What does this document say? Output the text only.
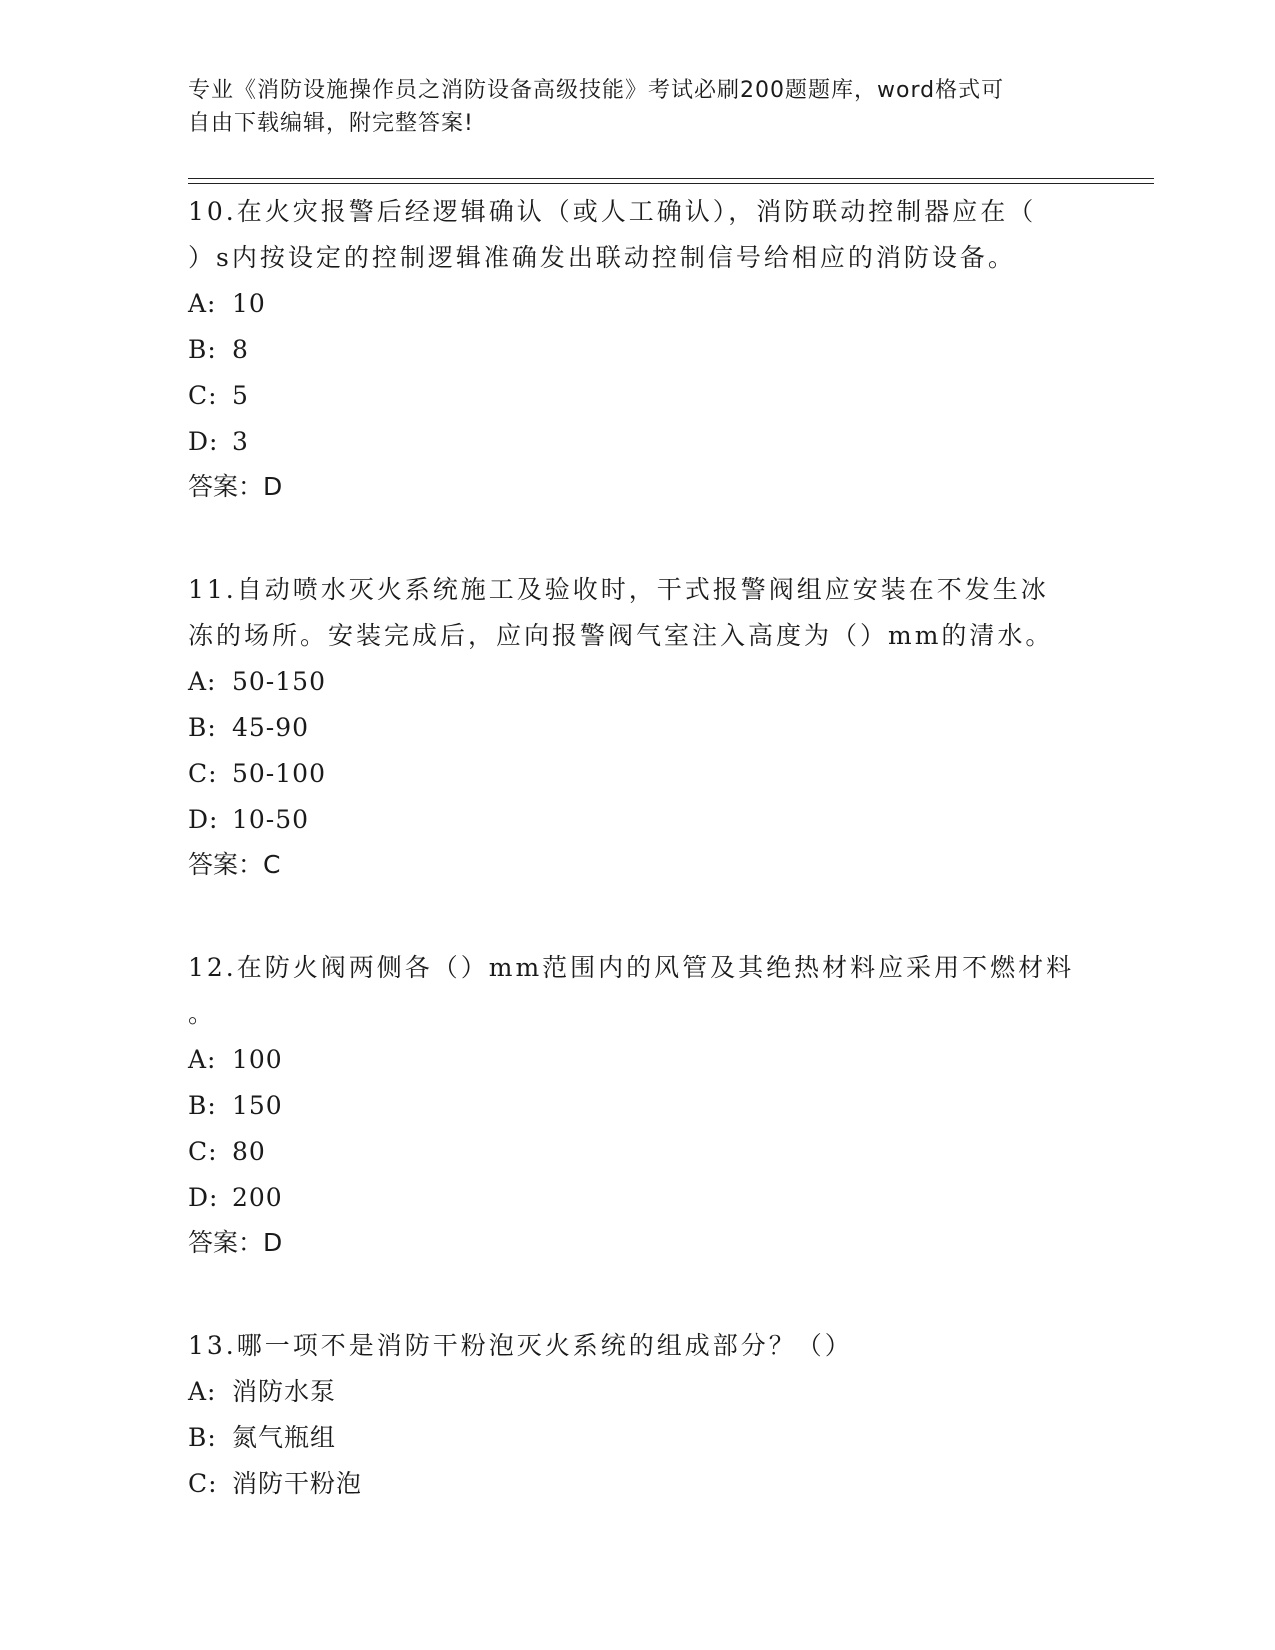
专业《消防设施操作员之消防设备高级技能》考试必刷200题题库，word格式可
自由下载编辑，附完整答案!

10.在火灾报警后经逻辑确认（或人工确认），消防联动控制器应在（
）s内按设定的控制逻辑准确发出联动控制信号给相应的消防设备。

A: 10
B: 8
C: 5
D: 3

答案：D

11.自动喷水灭火系统施工及验收时，干式报警阀组应安装在不发生冰
冻的场所。安装完成后，应向报警阀气室注入高度为（）mm的清水。

A: 50-150
B: 45-90
C: 50-100
D: 10-50

答案：C

12.在防火阀两侧各（）mm范围内的风管及其绝热材料应采用不燃材料
。

A: 100
B: 150
C: 80
D: 200

答案：D

13.哪一项不是消防干粉泡灭火系统的组成部分？（）

A: 消防水泵
B: 氮气瓶组
C: 消防干粉泡
